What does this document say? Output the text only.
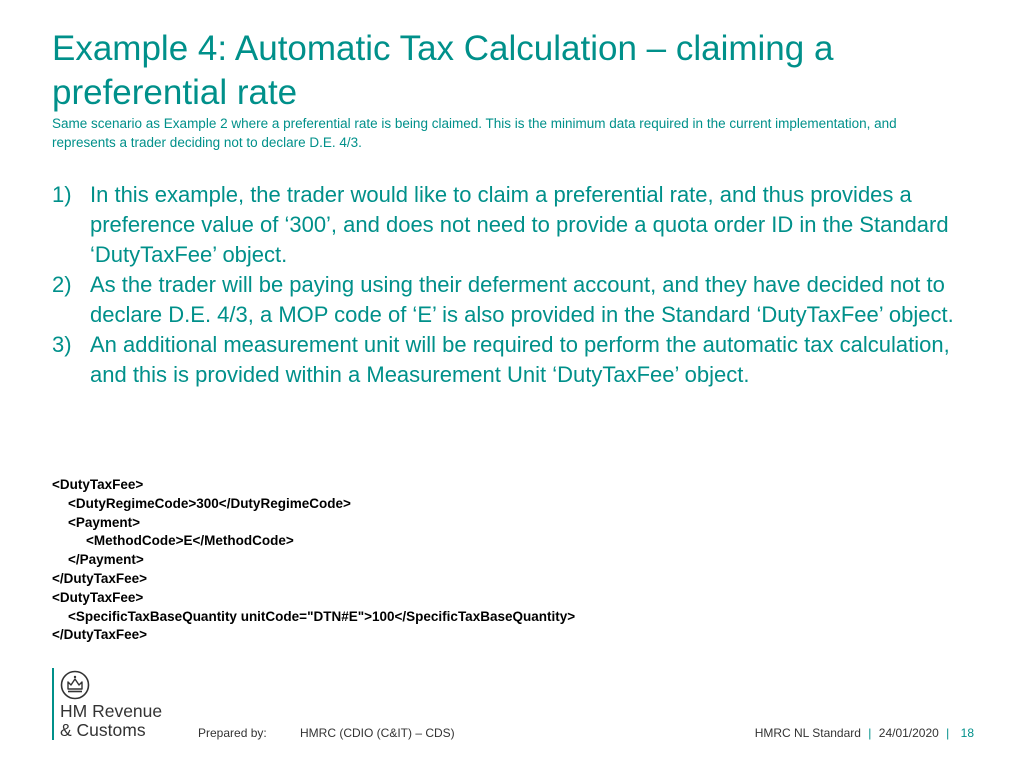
Example 4: Automatic Tax Calculation – claiming a preferential rate

Same scenario as Example 2 where a preferential rate is being claimed. This is the minimum data required in the current implementation, and represents a trader deciding not to declare D.E. 4/3.

1) In this example, the trader would like to claim a preferential rate, and thus provides a preference value of ‘300’, and does not need to provide a quota order ID in the Standard ‘DutyTaxFee’ object.
2) As the trader will be paying using their deferment account, and they have decided not to declare D.E. 4/3, a MOP code of ‘E’ is also provided in the Standard ‘DutyTaxFee’ object.
3) An additional measurement unit will be required to perform the automatic tax calculation, and this is provided within a Measurement Unit ‘DutyTaxFee’ object.
<DutyTaxFee>
<DutyRegimeCode>300</DutyRegimeCode>
<Payment>
<MethodCode>E</MethodCode>
</Payment>
</DutyTaxFee>
<DutyTaxFee>
<SpecificTaxBaseQuantity unitCode="DTN#E">100</SpecificTaxBaseQuantity>
</DutyTaxFee>
HM Revenue
& Customs	Prepared by:	HMRC (CDIO (C&IT) – CDS)	HMRC NL Standard | 24/01/2020 | 18
